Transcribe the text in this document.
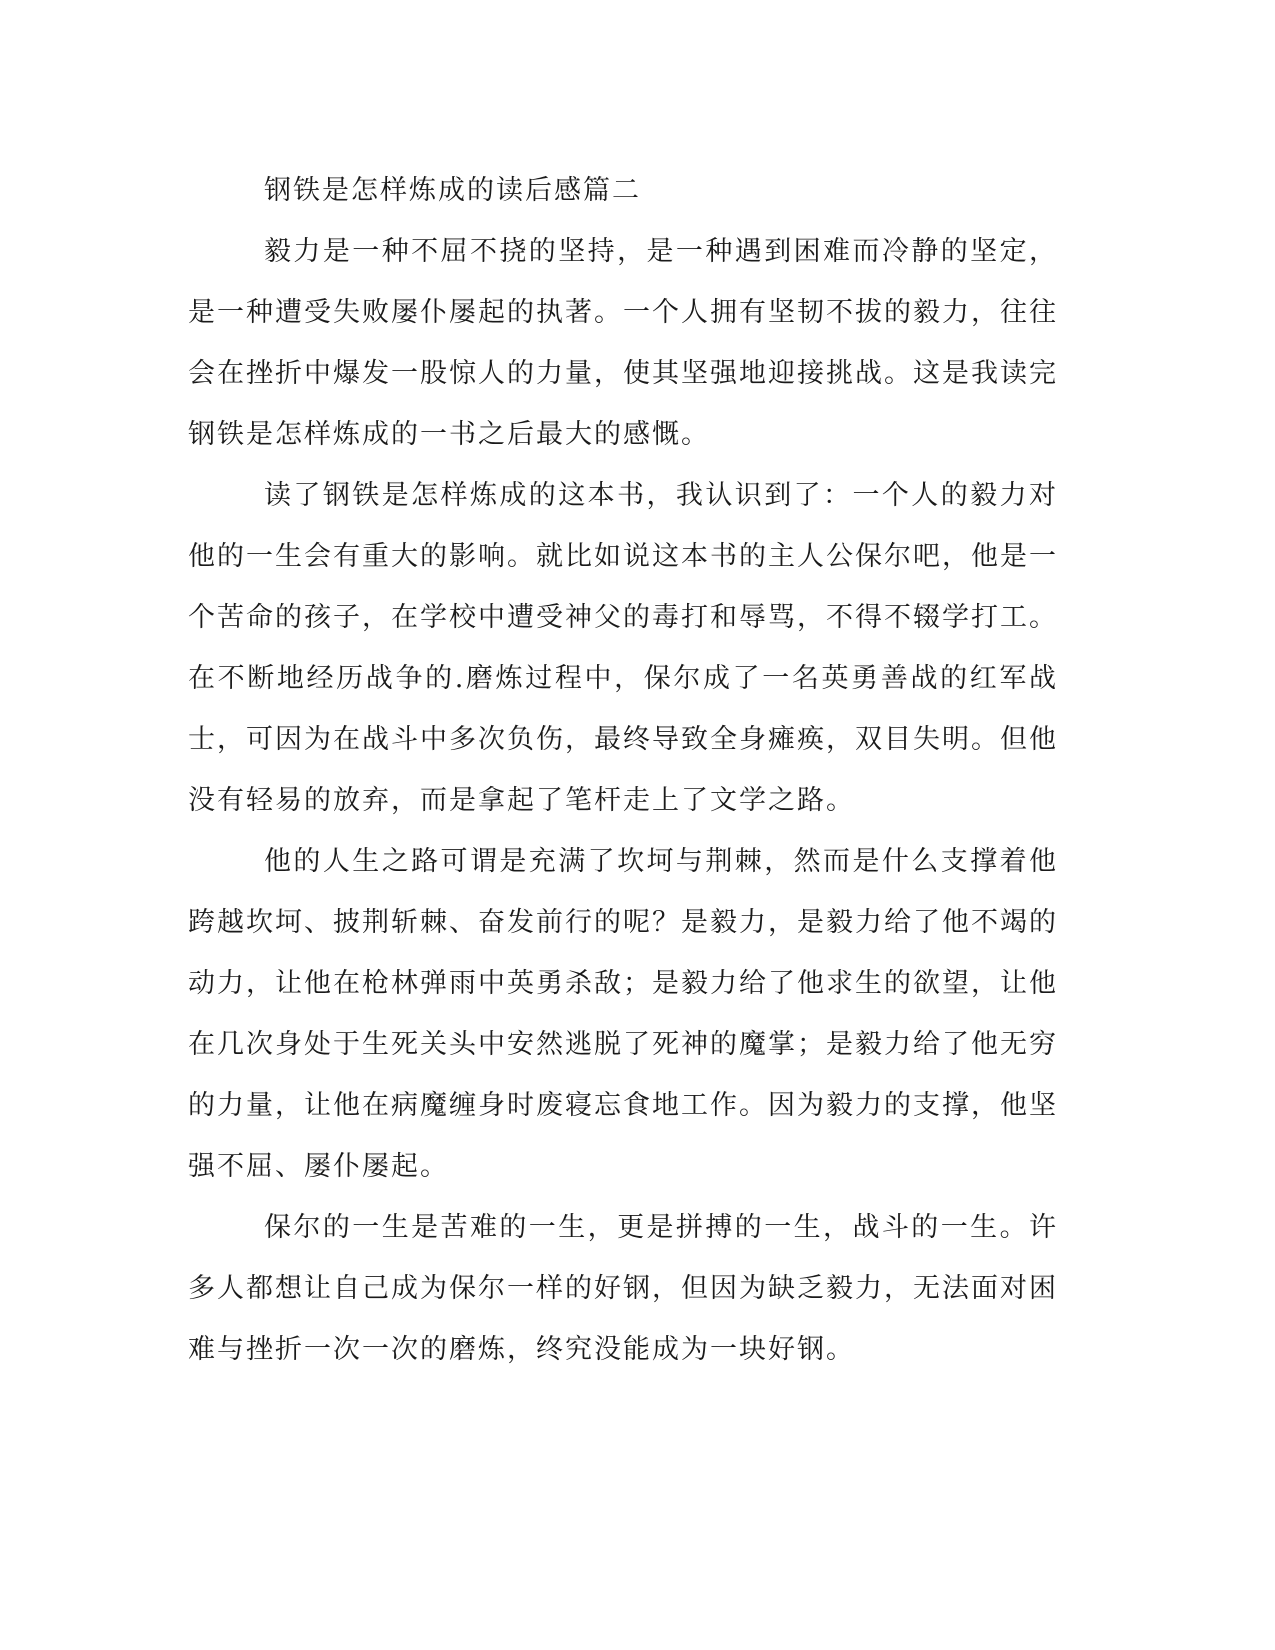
钢铁是怎样炼成的读后感篇二

毅力是一种不屈不挠的坚持，是一种遇到困难而冷静的坚定，是一种遭受失败屡仆屡起的执著。一个人拥有坚韧不拔的毅力，往往会在挫折中爆发一股惊人的力量，使其坚强地迎接挑战。这是我读完钢铁是怎样炼成的一书之后最大的感慨。

读了钢铁是怎样炼成的这本书，我认识到了：一个人的毅力对他的一生会有重大的影响。就比如说这本书的主人公保尔吧，他是一个苦命的孩子，在学校中遭受神父的毒打和辱骂，不得不辍学打工。在不断地经历战争的.磨炼过程中，保尔成了一名英勇善战的红军战士，可因为在战斗中多次负伤，最终导致全身瘫痪，双目失明。但他没有轻易的放弃，而是拿起了笔杆走上了文学之路。

他的人生之路可谓是充满了坎坷与荆棘，然而是什么支撑着他跨越坎坷、披荆斩棘、奋发前行的呢？是毅力，是毅力给了他不竭的动力，让他在枪林弹雨中英勇杀敌；是毅力给了他求生的欲望，让他在几次身处于生死关头中安然逃脱了死神的魔掌；是毅力给了他无穷的力量，让他在病魔缠身时废寝忘食地工作。因为毅力的支撑，他坚强不屈、屡仆屡起。

保尔的一生是苦难的一生，更是拼搏的一生，战斗的一生。许多人都想让自己成为保尔一样的好钢，但因为缺乏毅力，无法面对困难与挫折一次一次的磨炼，终究没能成为一块好钢。
